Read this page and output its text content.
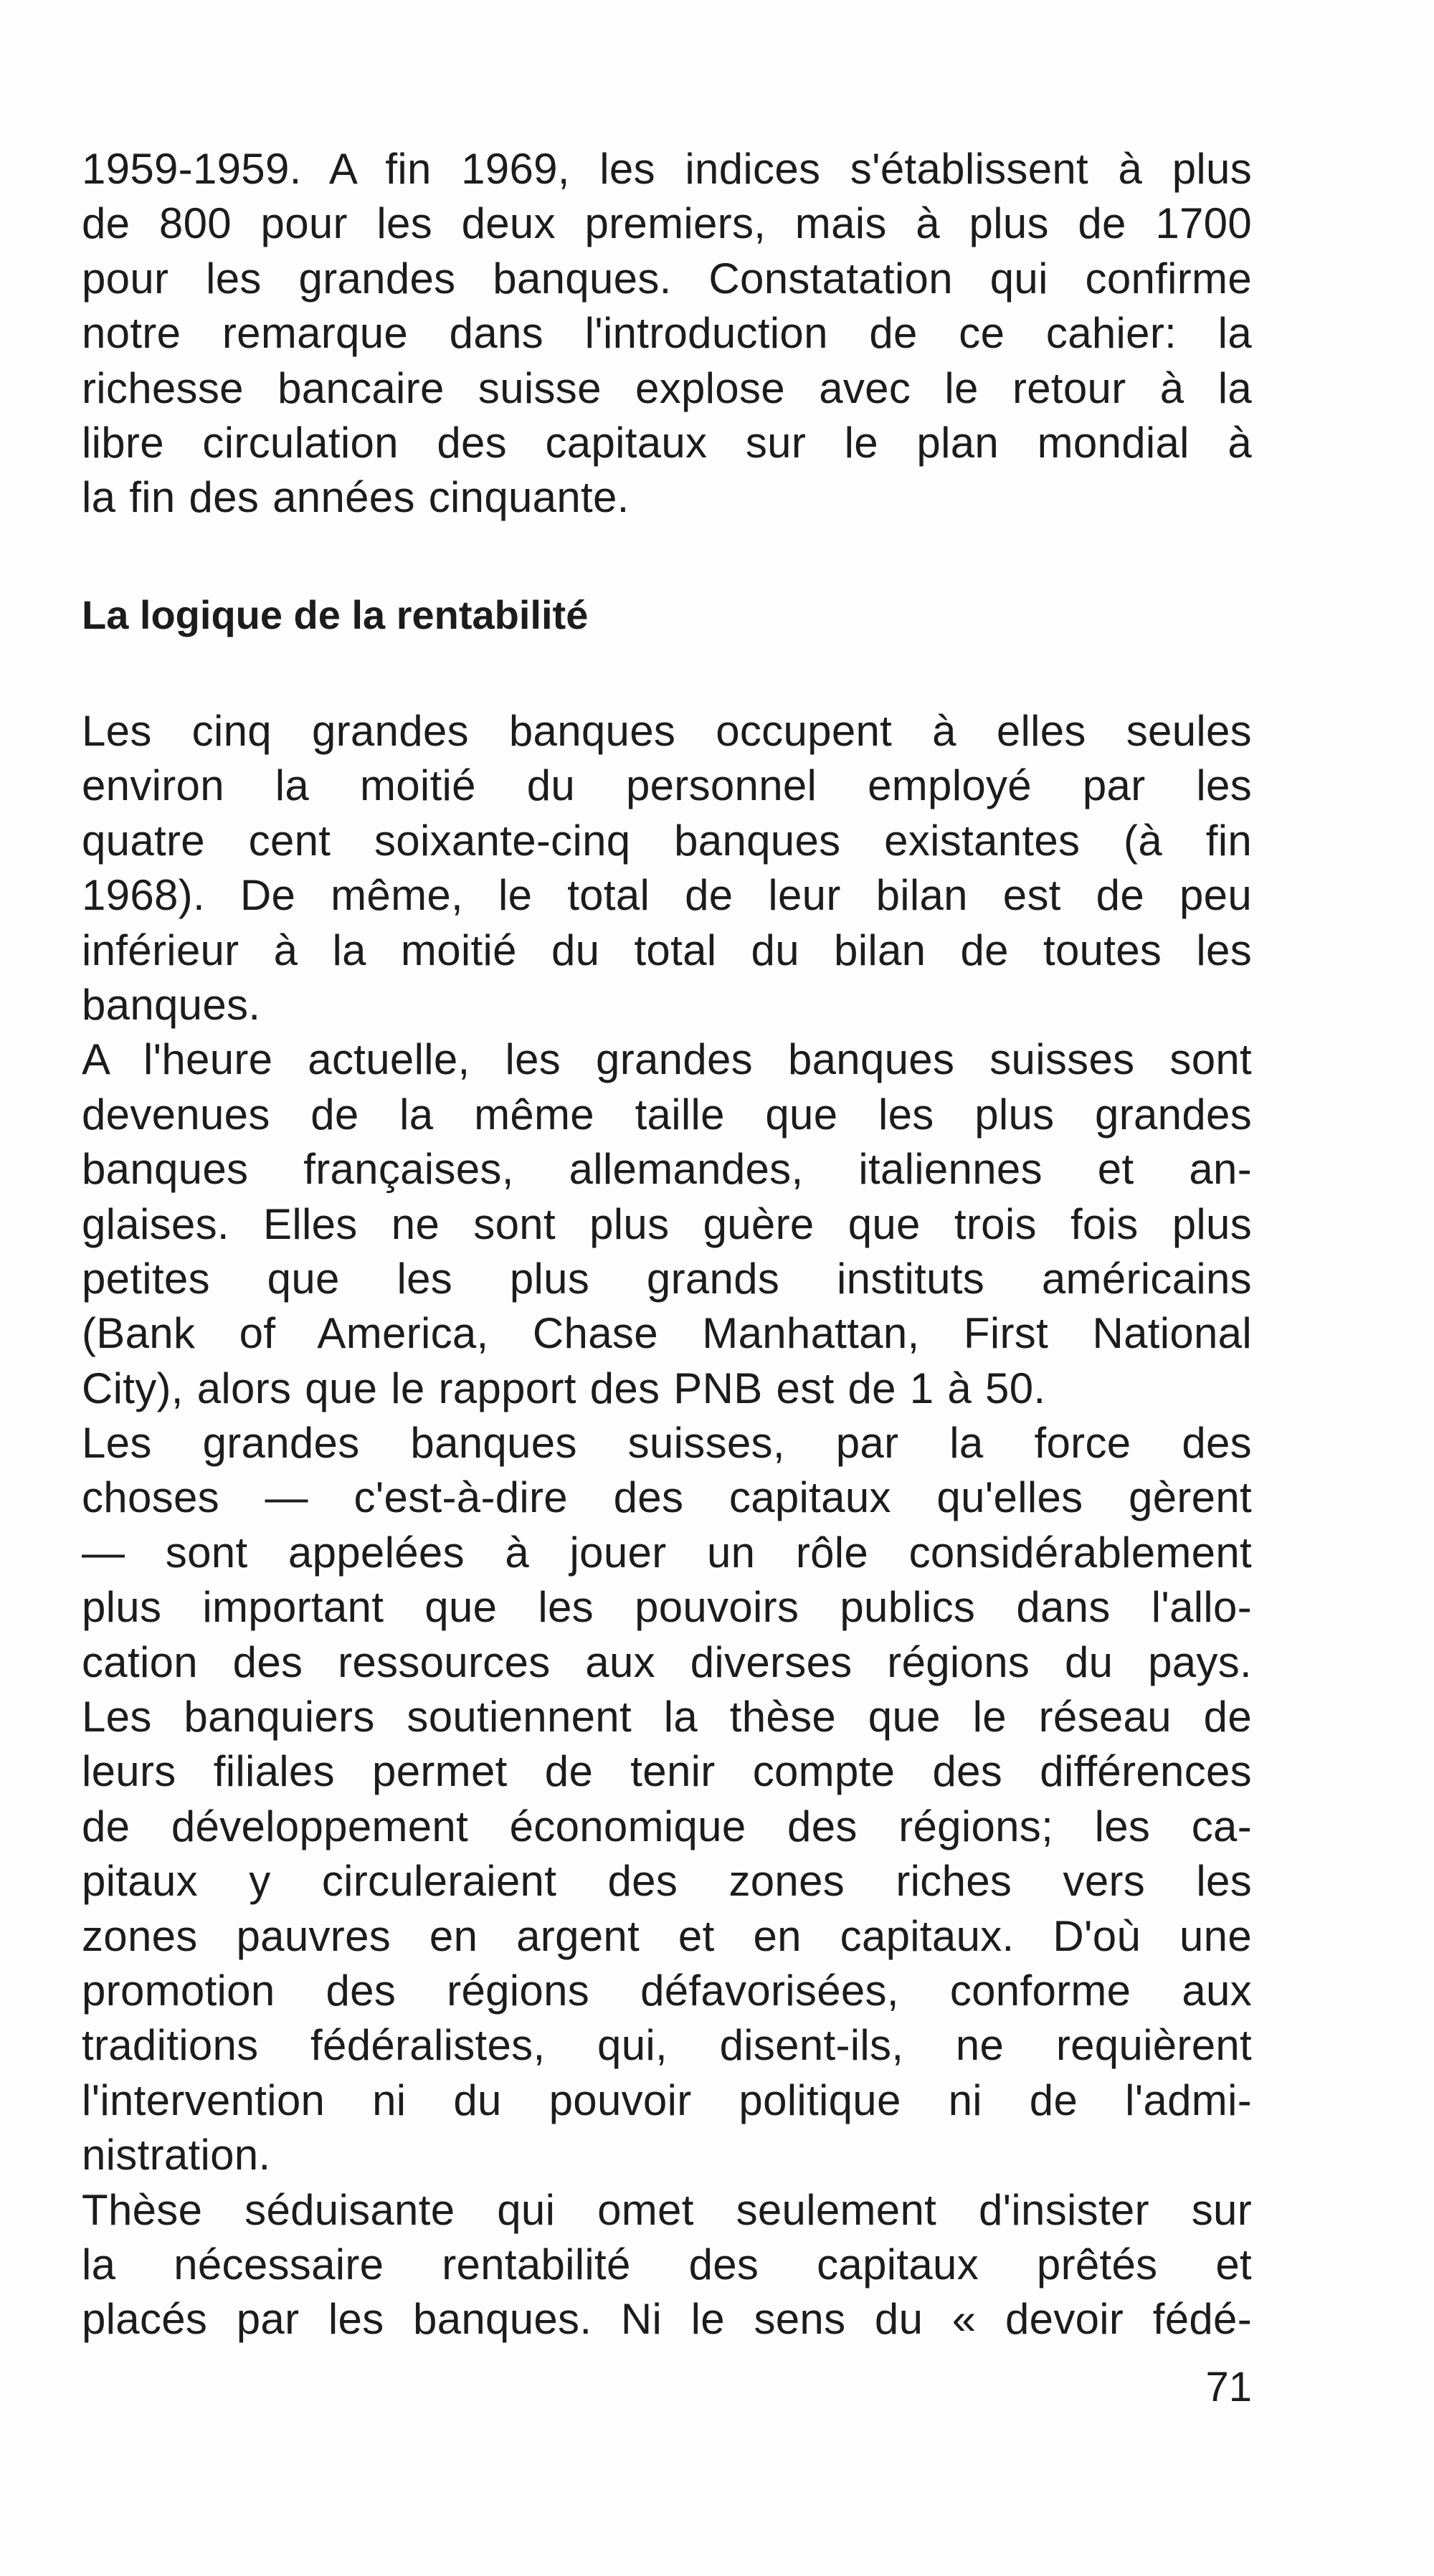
1959-1959. A fin 1969, les indices s'établissent à plus
de 800 pour les deux premiers, mais à plus de 1700
pour les grandes banques. Constatation qui confirme
notre remarque dans l'introduction de ce cahier: la
richesse bancaire suisse explose avec le retour à la
libre circulation des capitaux sur le plan mondial à
la fin des années cinquante.
La logique de la rentabilité
Les cinq grandes banques occupent à elles seules
environ la moitié du personnel employé par les
quatre cent soixante-cinq banques existantes (à fin
1968). De même, le total de leur bilan est de peu
inférieur à la moitié du total du bilan de toutes les
banques.
A l'heure actuelle, les grandes banques suisses sont
devenues de la même taille que les plus grandes
banques françaises, allemandes, italiennes et an-
glaises. Elles ne sont plus guère que trois fois plus
petites que les plus grands instituts américains
(Bank of America, Chase Manhattan, First National
City), alors que le rapport des PNB est de 1 à 50.
Les grandes banques suisses, par la force des
choses — c'est-à-dire des capitaux qu'elles gèrent
— sont appelées à jouer un rôle considérablement
plus important que les pouvoirs publics dans l'allo-
cation des ressources aux diverses régions du pays.
Les banquiers soutiennent la thèse que le réseau de
leurs filiales permet de tenir compte des différences
de développement économique des régions; les ca-
pitaux y circuleraient des zones riches vers les
zones pauvres en argent et en capitaux. D'où une
promotion des régions défavorisées, conforme aux
traditions fédéralistes, qui, disent-ils, ne requièrent
l'intervention ni du pouvoir politique ni de l'admi-
nistration.
Thèse séduisante qui omet seulement d'insister sur
la nécessaire rentabilité des capitaux prêtés et
placés par les banques. Ni le sens du « devoir fédé-
71
